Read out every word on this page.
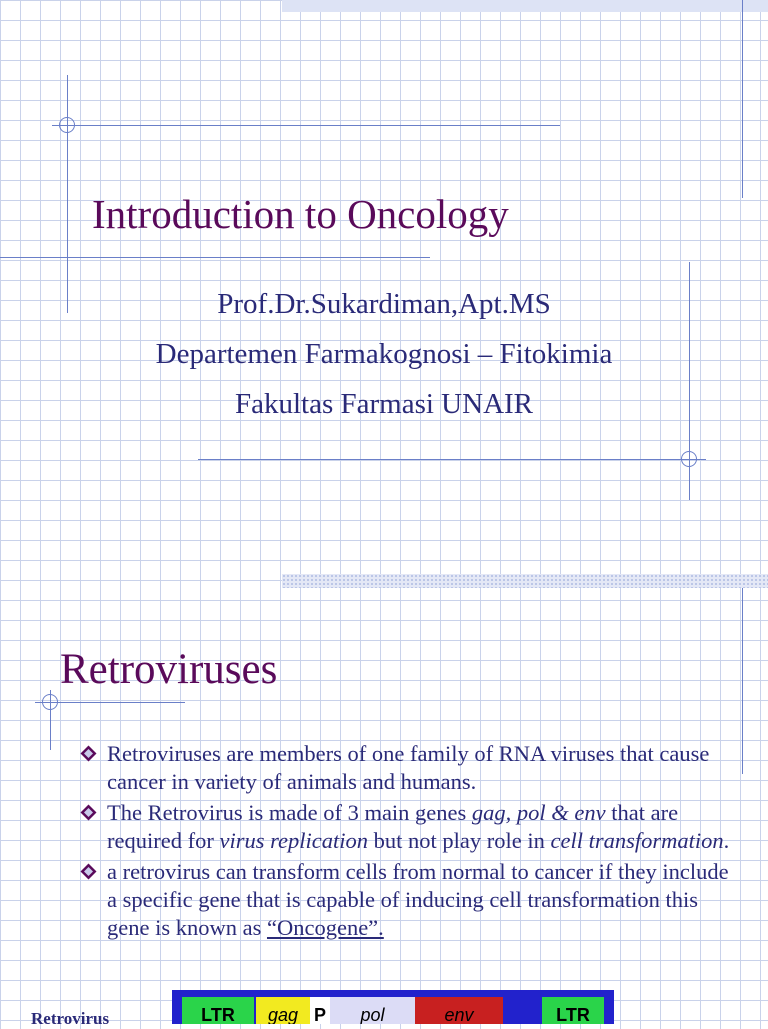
Introduction to Oncology
Prof.Dr.Sukardiman,Apt.MS
Departemen Farmakognosi – Fitokimia
Fakultas Farmasi UNAIR
Retroviruses
Retroviruses are members of one family of RNA viruses that cause cancer in variety of animals and humans.
The Retrovirus is made of 3 main genes gag, pol & env that are required for virus replication but not play role in cell transformation.
a retrovirus can transform cells from normal to cancer if they include a specific gene that is capable of inducing cell transformation this gene is known as “Oncogene”.
Retrovirus	LTR	gag P	pol	env	LTR
